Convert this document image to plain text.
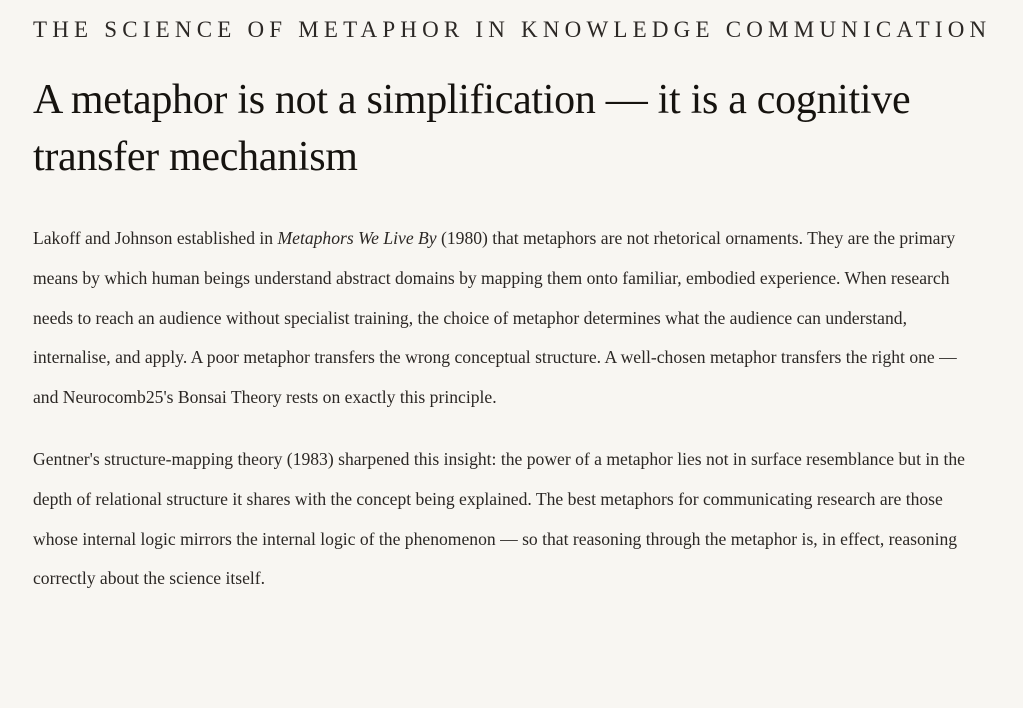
THE SCIENCE OF METAPHOR IN KNOWLEDGE COMMUNICATION
A metaphor is not a simplification — it is a cognitive transfer mechanism

Lakoff and Johnson established in Metaphors We Live By (1980) that metaphors are not rhetorical ornaments. They are the primary means by which human beings understand abstract domains by mapping them onto familiar, embodied experience. When research needs to reach an audience without specialist training, the choice of metaphor determines what the audience can understand, internalise, and apply. A poor metaphor transfers the wrong conceptual structure. A well-chosen metaphor transfers the right one — and Neurocomb25's Bonsai Theory rests on exactly this principle.

Gentner's structure-mapping theory (1983) sharpened this insight: the power of a metaphor lies not in surface resemblance but in the depth of relational structure it shares with the concept being explained. The best metaphors for communicating research are those whose internal logic mirrors the internal logic of the phenomenon — so that reasoning through the metaphor is, in effect, reasoning correctly about the science itself.
